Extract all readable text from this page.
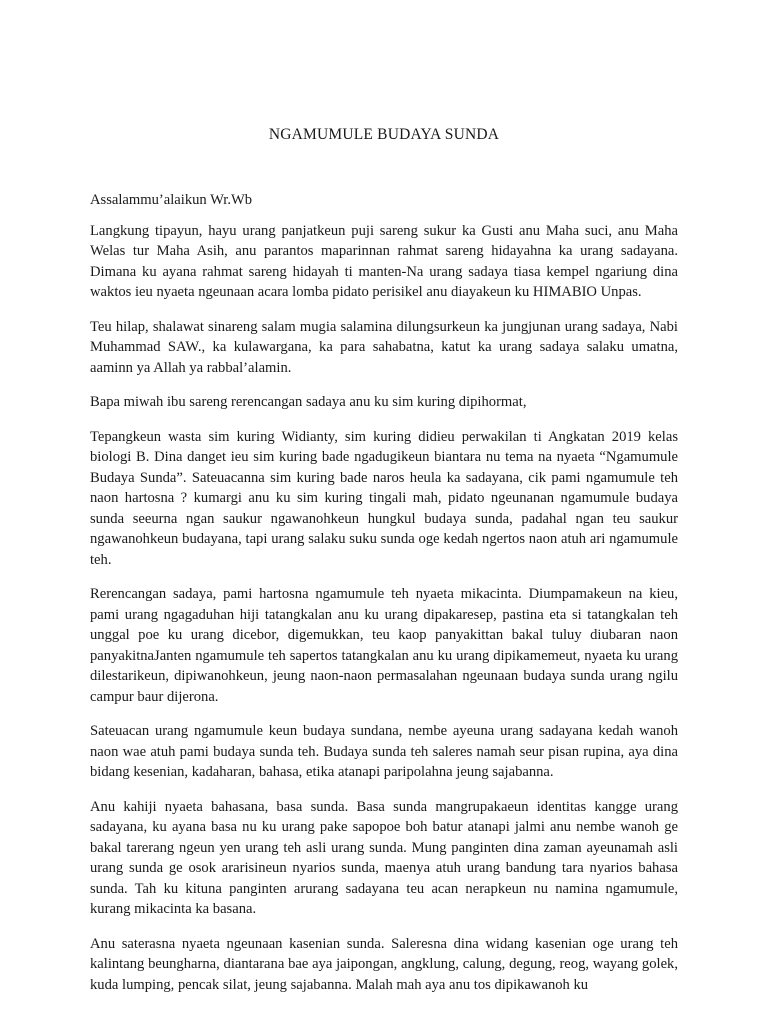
NGAMUMULE BUDAYA SUNDA

Assalammu’alaikun Wr.Wb

Langkung tipayun, hayu urang panjatkeun puji sareng sukur ka Gusti anu Maha suci, anu Maha Welas tur Maha Asih, anu parantos maparinnan rahmat sareng hidayahna ka urang sadayana. Dimana ku ayana rahmat sareng hidayah ti manten-Na urang sadaya tiasa kempel ngariung dina waktos ieu nyaeta ngeunaan acara lomba pidato perisikel anu diayakeun ku HIMABIO Unpas.

Teu hilap, shalawat sinareng salam mugia salamina dilungsurkeun ka jungjunan urang sadaya, Nabi Muhammad SAW., ka kulawargana, ka para sahabatna, katut ka urang sadaya salaku umatna, aaminn ya Allah ya rabbal’alamin.

Bapa miwah ibu sareng rerencangan sadaya anu ku sim kuring dipihormat,

Tepangkeun wasta sim kuring Widianty, sim kuring didieu perwakilan ti Angkatan 2019 kelas biologi B. Dina danget ieu sim kuring bade ngadugikeun biantara nu tema na nyaeta “Ngamumule Budaya Sunda”. Sateuacanna sim kuring bade naros heula ka sadayana, cik pami ngamumule teh naon hartosna ? kumargi anu ku sim kuring tingali mah, pidato ngeunanan ngamumule budaya sunda seeurna ngan saukur ngawanohkeun hungkul budaya sunda, padahal ngan teu saukur ngawanohkeun budayana, tapi urang salaku suku sunda oge kedah ngertos naon atuh ari ngamumule teh.

Rerencangan sadaya, pami hartosna ngamumule teh nyaeta mikacinta. Diumpamakeun na kieu, pami urang ngagaduhan hiji tatangkalan anu ku urang dipakaresep, pastina eta si tatangkalan teh unggal poe ku urang dicebor, digemukkan, teu kaop panyakittan bakal tuluy diubaran naon panyakitnaJanten ngamumule teh sapertos tatangkalan anu ku urang dipikamemeut, nyaeta ku urang dilestarikeun, dipiwanohkeun, jeung naon-naon permasalahan ngeunaan budaya sunda urang ngilu campur baur dijerona.

Sateuacan urang ngamumule keun budaya sundana, nembe ayeuna urang sadayana kedah wanoh naon wae atuh pami budaya sunda teh. Budaya sunda teh saleres namah seur pisan rupina, aya dina bidang kesenian, kadaharan, bahasa, etika atanapi paripolahna jeung sajabanna.

Anu kahiji nyaeta bahasana, basa sunda. Basa sunda mangrupakaeun identitas kangge urang sadayana, ku ayana basa nu ku urang pake sapopoe boh batur atanapi jalmi anu nembe wanoh ge bakal tarerang ngeun yen urang teh asli urang sunda. Mung panginten dina zaman ayeunamah asli urang sunda ge osok ararisineun nyarios sunda, maenya atuh urang bandung tara nyarios bahasa sunda. Tah ku kituna panginten arurang sadayana teu acan nerapkeun nu namina ngamumule, kurang mikacinta ka basana.

Anu saterasna nyaeta ngeunaan kasenian sunda. Saleresna dina widang kasenian oge urang teh kalintang beungharna, diantarana bae aya jaipongan, angklung, calung, degung, reog, wayang golek, kuda lumping, pencak silat, jeung sajabanna. Malah mah aya anu tos dipikawanoh ku
